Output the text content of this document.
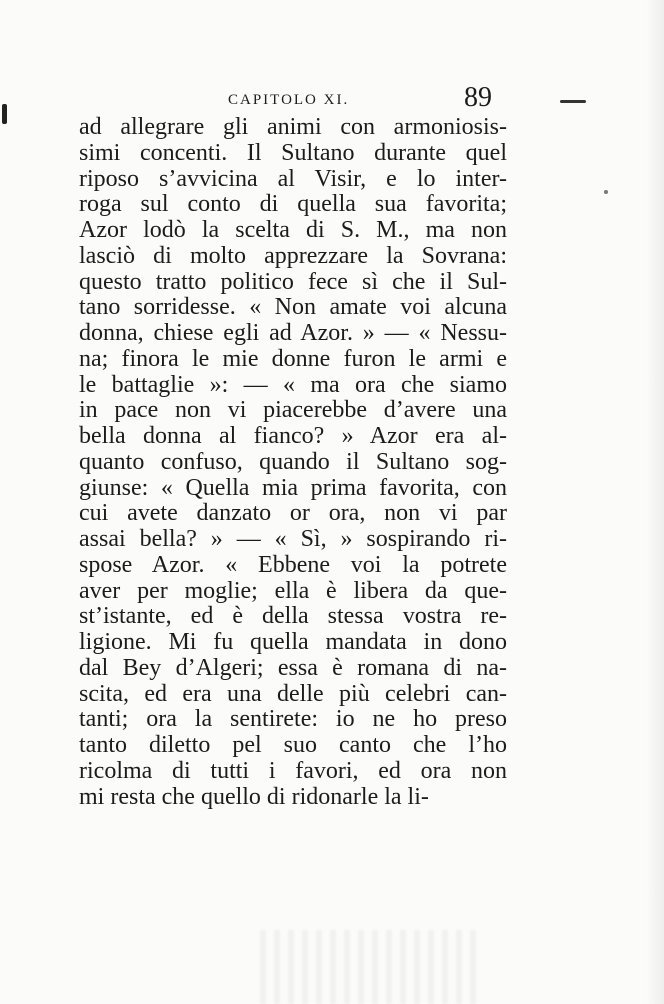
CAPITOLO XI.	89
ad allegrare gli animi con armoniosis-
simi concenti. Il Sultano durante quel
riposo s’avvicina al Visir, e lo inter-
roga sul conto di quella sua favorita;
Azor lodò la scelta di S. M., ma non
lasciò di molto apprezzare la Sovrana:
questo tratto politico fece sì che il Sul-
tano sorridesse. « Non amate voi alcuna
donna, chiese egli ad Azor. » — « Nessu-
na; finora le mie donne furon le armi e
le battaglie »: — « ma ora che siamo
in pace non vi piacerebbe d’avere una
bella donna al fianco? » Azor era al-
quanto confuso, quando il Sultano sog-
giunse: « Quella mia prima favorita, con
cui avete danzato or ora, non vi par
assai bella? » — « Sì, » sospirando ri-
spose Azor. « Ebbene voi la potrete
aver per moglie; ella è libera da que-
st’istante, ed è della stessa vostra re-
ligione. Mi fu quella mandata in dono
dal Bey d’Algeri; essa è romana di na-
scita, ed era una delle più celebri can-
tanti; ora la sentirete: io ne ho preso
tanto diletto pel suo canto che l’ho
ricolma di tutti i favori, ed ora non
mi resta che quello di ridonarle la li-
